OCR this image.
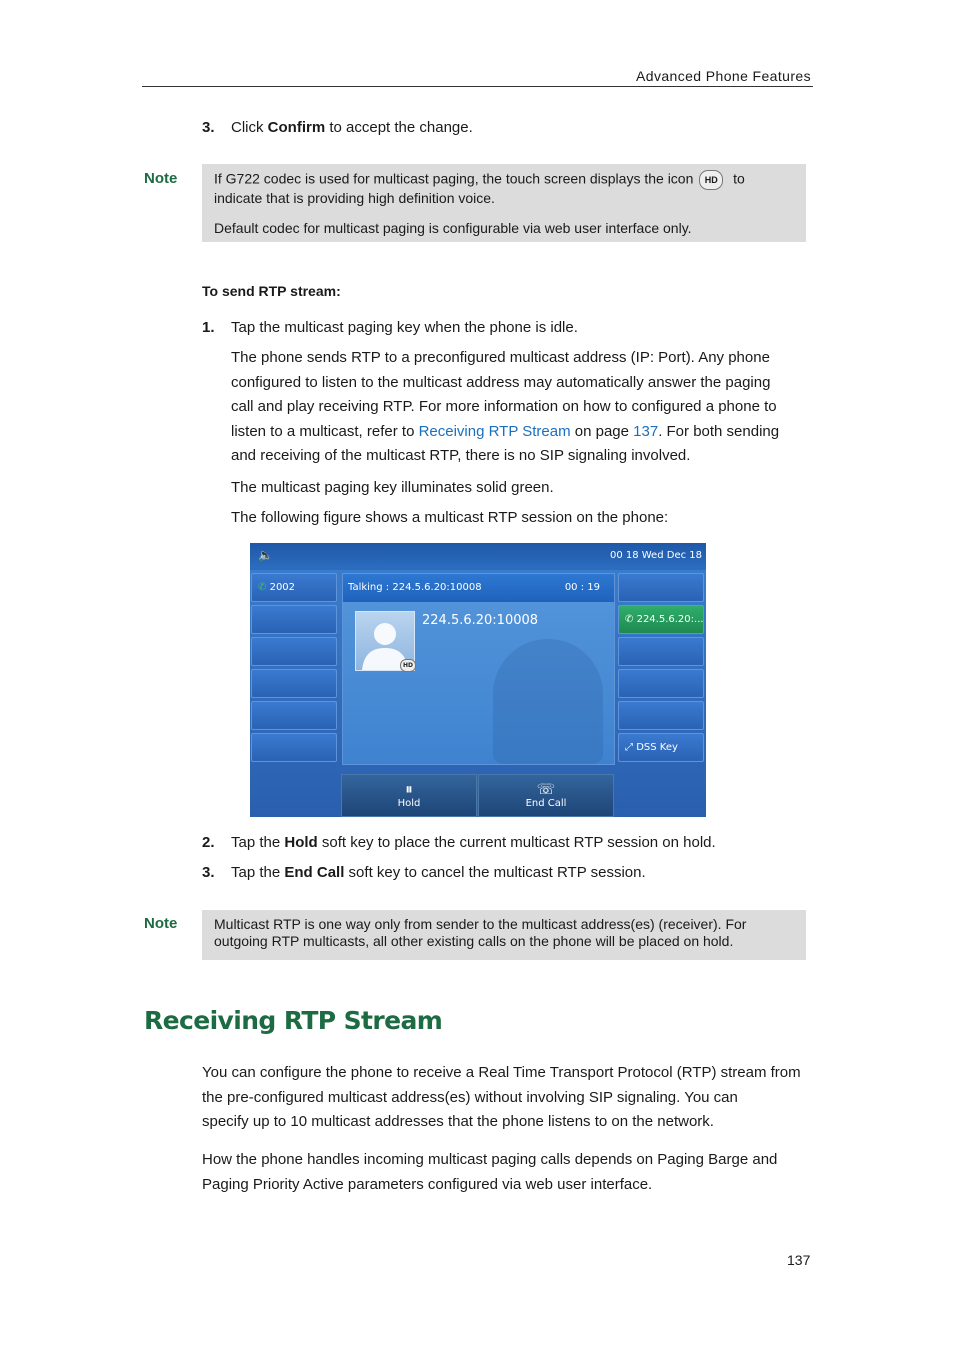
Advanced Phone Features
3. Click Confirm to accept the change.
Note	If G722 codec is used for multicast paging, the touch screen displays the icon HD to

indicate that is providing high definition voice.

Default codec for multicast paging is configurable via web user interface only.

To send RTP stream:
1. Tap the multicast paging key when the phone is idle.
The phone sends RTP to a preconfigured multicast address (IP: Port). Any phone
configured to listen to the multicast address may automatically answer the paging
call and play receiving RTP. For more information on how to configured a phone to
listen to a multicast, refer to Receiving RTP Stream on page 137. For both sending
and receiving of the multicast RTP, there is no SIP signaling involved.
The multicast paging key illuminates solid green.
The following figure shows a multicast RTP session on the phone:
🔈	00 18 Wed Dec 18
✆ 2002	Talking : 224.5.6.20:10008	00 : 19
HD
224.5.6.20:10008	✆ 224.5.6.20:...
⤢ DSS Key
⏸
Hold
☏
End Call
2. Tap the Hold soft key to place the current multicast RTP session on hold.
3. Tap the End Call soft key to cancel the multicast RTP session.
Note	Multicast RTP is one way only from sender to the multicast address(es) (receiver). For

outgoing RTP multicasts, all other existing calls on the phone will be placed on hold.

Receiving RTP Stream
You can configure the phone to receive a Real Time Transport Protocol (RTP) stream from
the pre-configured multicast address(es) without involving SIP signaling. You can
specify up to 10 multicast addresses that the phone listens to on the network.
How the phone handles incoming multicast paging calls depends on Paging Barge and
Paging Priority Active parameters configured via web user interface.
137
